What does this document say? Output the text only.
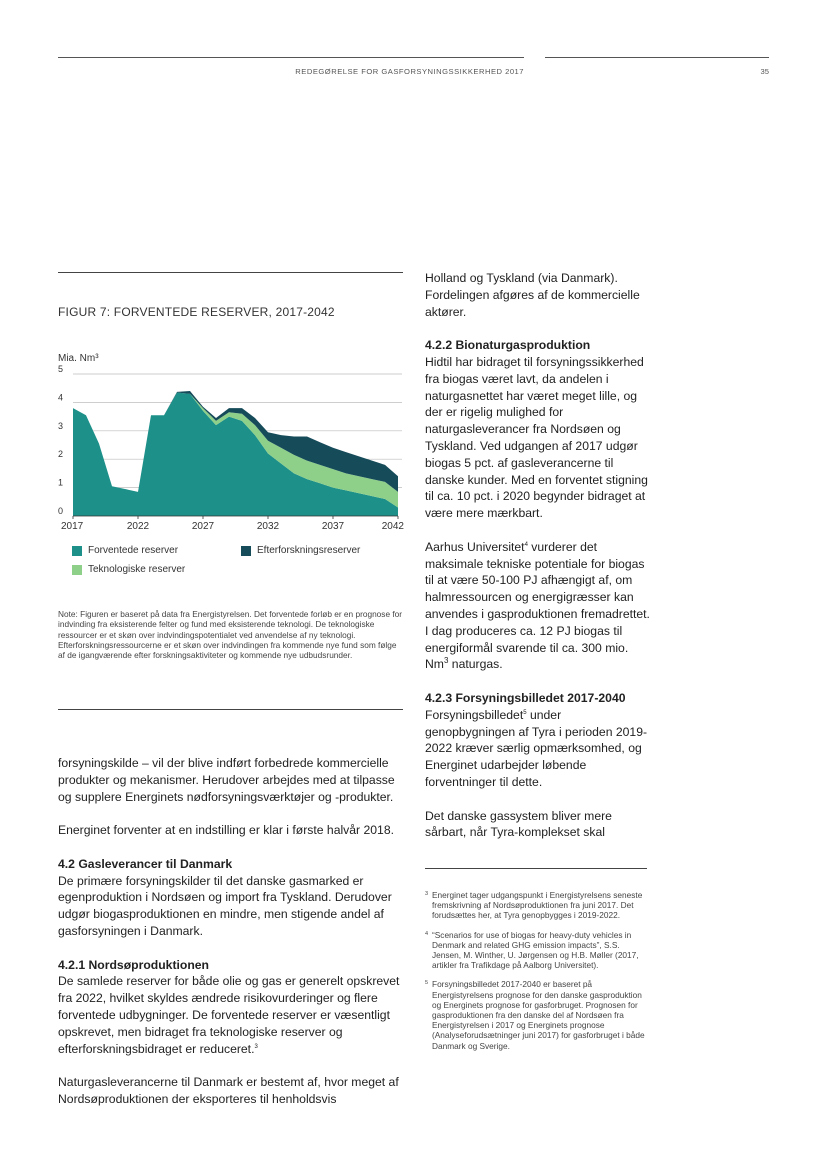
REDEGØRELSE FOR GASFORSYNINGSSIKKERHED 2017	35
FIGUR 7: FORVENTEDE RESERVER, 2017-2042
Mia. Nm³
0
1
2
3
4
5
2017	2022	2027	2032	2037	2042
Forventede reserver	Efterforskningsreserver
Teknologiske reserver
Note: Figuren er baseret på data fra Energistyrelsen. Det forventede forløb er en prognose for indvinding fra eksisterende felter og fund med eksisterende teknologi. De teknologiske ressourcer er et skøn over indvindingspotentialet ved anvendelse af ny teknologi. Efterforskningsressourcerne er et skøn over indvindingen fra kommende nye fund som følge af de igangværende efter forskningsaktiviteter og kommende nye udbudsrunder.

forsyningskilde – vil der blive indført forbedrede kommercielle produkter og mekanismer. Herudover arbejdes med at tilpasse og supplere Energinets nødforsyningsværktøjer og -produkter.

Energinet forventer at en indstilling er klar i første halvår 2018.

4.2 Gasleverancer til Danmark

De primære forsyningskilder til det danske gasmarked er egenproduktion i Nordsøen og import fra Tyskland. Derudover udgør biogasproduktionen en mindre, men stigende andel af gasforsyningen i Danmark.

4.2.1 Nordsøproduktionen

De samlede reserver for både olie og gas er generelt opskrevet fra 2022, hvilket skyldes ændrede risikovurderinger og flere forventede udbygninger. De forventede reserver er væsentligt opskrevet, men bidraget fra teknologiske reserver og efterforskningsbidraget er reduceret.$^3$

Naturgasleverancerne til Danmark er bestemt af, hvor meget af Nordsøproduktionen der eksporteres til henholdsvis

Holland og Tyskland (via Danmark). Fordelingen afgøres af de kommercielle aktører.

4.2.2 Bionaturgasproduktion

Hidtil har bidraget til forsyningssikkerhed fra biogas været lavt, da andelen i naturgasnettet har været meget lille, og der er rigelig mulighed for naturgasleverancer fra Nordsøen og Tyskland. Ved udgangen af 2017 udgør biogas 5 pct. af gasleverancerne til danske kunder. Med en forventet stigning til ca. 10 pct. i 2020 begynder bidraget at være mere mærkbart.

Aarhus Universitet$^4$ vurderer det maksimale tekniske potentiale for biogas til at være 50-100 PJ afhængigt af, om halmressourcen og energigræsser kan anvendes i gasproduktionen fremadrettet. I dag produceres ca. 12 PJ biogas til energiformål svarende til ca. 300 mio. Nm$^3$ naturgas.

4.2.3 Forsyningsbilledet 2017-2040

Forsyningsbilledet$^5$ under genopbygningen af Tyra i perioden 2019-2022 kræver særlig opmærksomhed, og Energinet udarbejder løbende forventninger til dette.

Det danske gassystem bliver mere sårbart, når Tyra-komplekset skal

3 Energinet tager udgangspunkt i Energistyrelsens seneste fremskrivning af Nordsøproduktionen fra juni 2017. Det forudsættes her, at Tyra genopbygges i 2019-2022.
4 “Scenarios for use of biogas for heavy-duty vehicles in Denmark and related GHG emission impacts”, S.S. Jensen, M. Winther, U. Jørgensen og H.B. Møller (2017, artikler fra Trafikdage på Aalborg Universitet).
5 Forsyningsbilledet 2017-2040 er baseret på Energistyrelsens prognose for den danske gasproduktion og Energinets prognose for gasforbruget. Prognosen for gasproduktionen fra den danske del af Nordsøen fra Energistyrelsen i 2017 og Energinets prognose (Analyseforudsætninger juni 2017) for gasforbruget i både Danmark og Sverige.
